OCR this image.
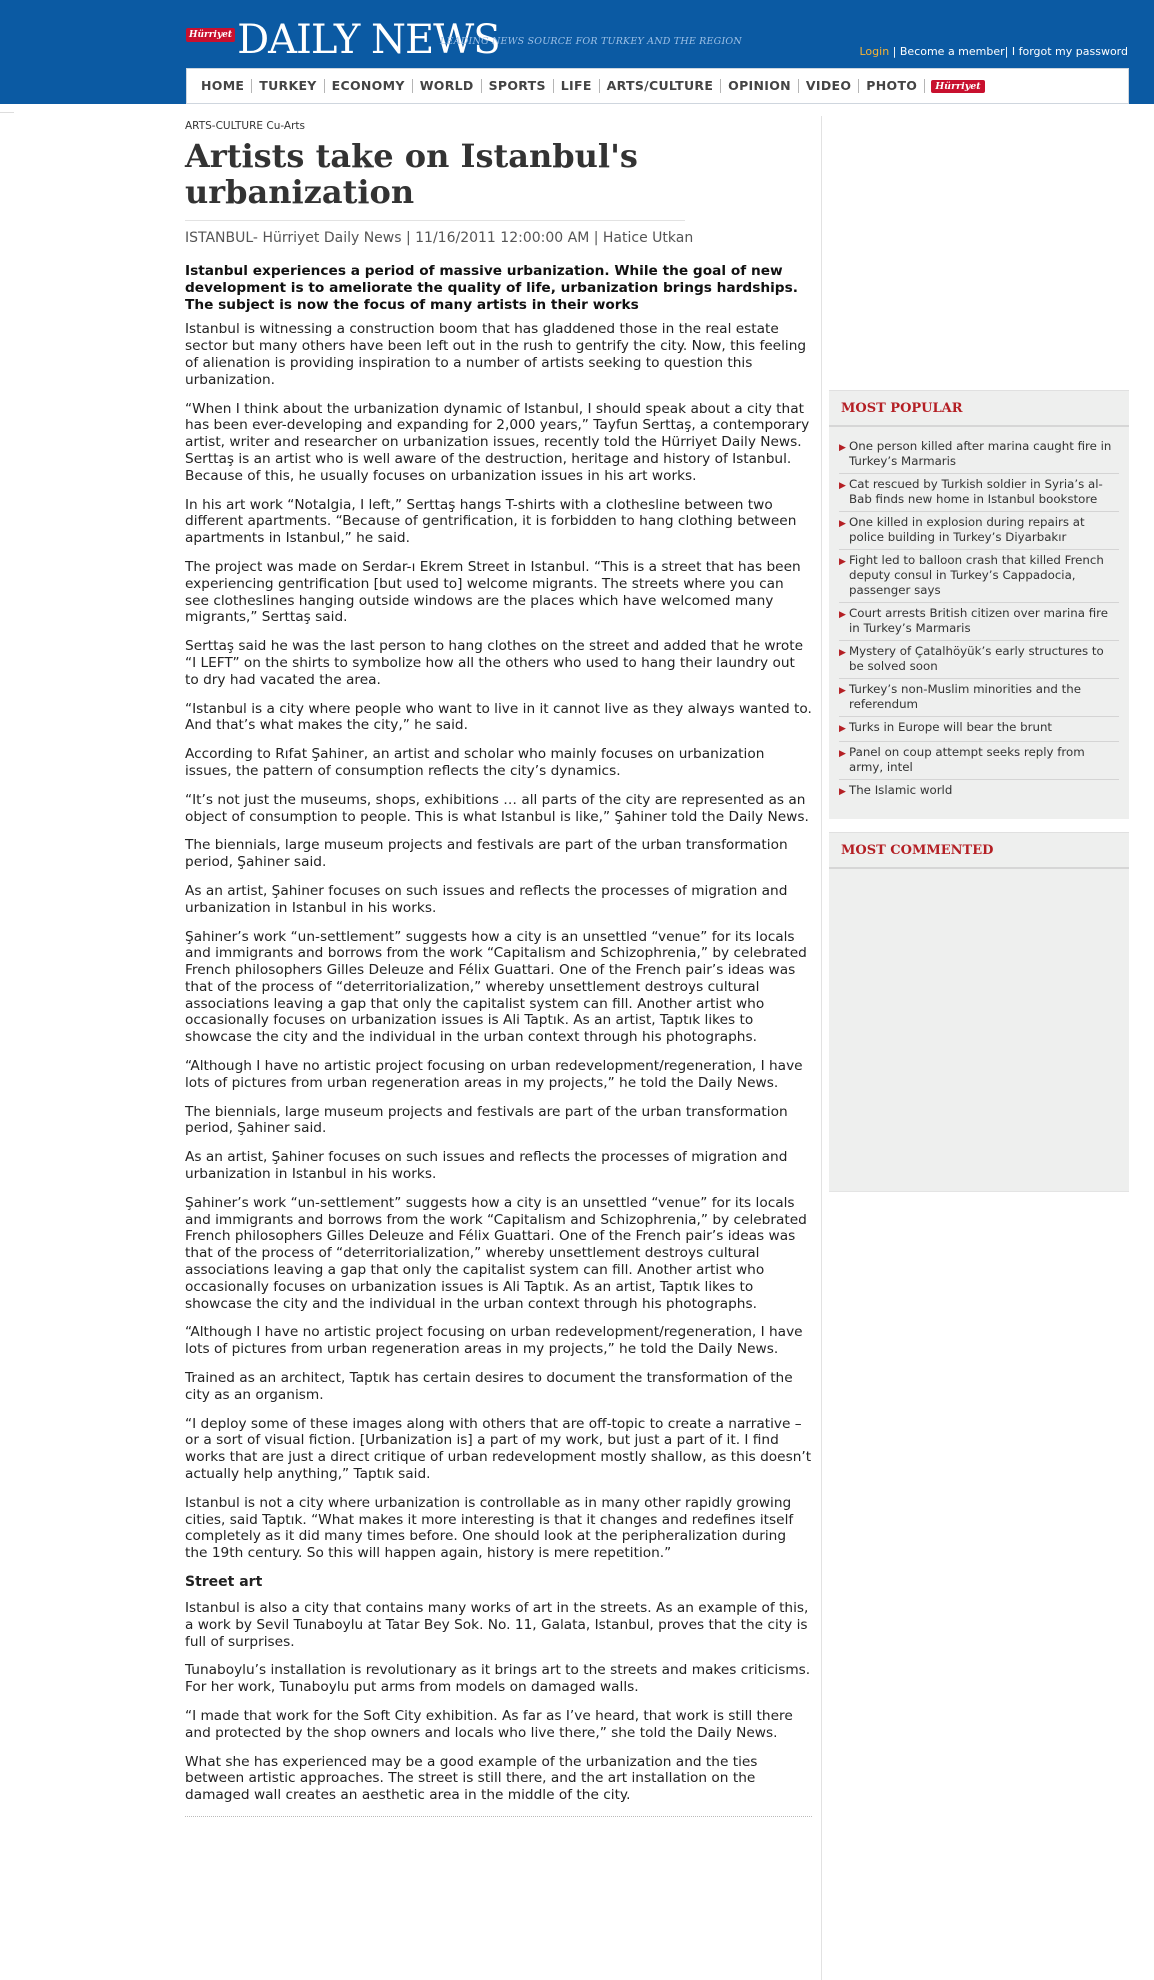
Hürriyet DAILY NEWS
LEADING NEWS SOURCE FOR TURKEY AND THE REGION
Login | Become a member| I forgot my password
HOME	TURKEY	ECONOMY	WORLD	SPORTS	LIFE	ARTS/CULTURE	OPINION	VIDEO	PHOTO	Hürriyet
ARTS-CULTURE Cu-Arts
Artists take on Istanbul's urbanization
ISTANBUL- Hürriyet Daily News | 11/16/2011 12:00:00 AM | Hatice Utkan
Istanbul experiences a period of massive urbanization. While the goal of new development is to ameliorate the quality of life, urbanization brings hardships. The subject is now the focus of many artists in their works

Istanbul is witnessing a construction boom that has gladdened those in the real estate sector but many others have been left out in the rush to gentrify the city. Now, this feeling of alienation is providing inspiration to a number of artists seeking to question this urbanization.

“When I think about the urbanization dynamic of Istanbul, I should speak about a city that has been ever-developing and expanding for 2,000 years,” Tayfun Serttaş, a contemporary artist, writer and researcher on urbanization issues, recently told the Hürriyet Daily News. Serttaş is an artist who is well aware of the destruction, heritage and history of Istanbul. Because of this, he usually focuses on urbanization issues in his art works.

In his art work “Notalgia, I left,” Serttaş hangs T-shirts with a clothesline between two different apartments. “Because of gentrification, it is forbidden to hang clothing between apartments in Istanbul,” he said.

The project was made on Serdar-ı Ekrem Street in Istanbul. “This is a street that has been experiencing gentrification [but used to] welcome migrants. The streets where you can see clotheslines hanging outside windows are the places which have welcomed many migrants,” Serttaş said.

Serttaş said he was the last person to hang clothes on the street and added that he wrote “I LEFT” on the shirts to symbolize how all the others who used to hang their laundry out to dry had vacated the area.

“Istanbul is a city where people who want to live in it cannot live as they always wanted to. And that’s what makes the city,” he said.

According to Rıfat Şahiner, an artist and scholar who mainly focuses on urbanization issues, the pattern of consumption reflects the city’s dynamics.

“It’s not just the museums, shops, exhibitions … all parts of the city are represented as an object of consumption to people. This is what Istanbul is like,” Şahiner told the Daily News.

The biennials, large museum projects and festivals are part of the urban transformation period, Şahiner said.

As an artist, Şahiner focuses on such issues and reflects the processes of migration and urbanization in Istanbul in his works.

Şahiner’s work “un-settlement” suggests how a city is an unsettled “venue” for its locals and immigrants and borrows from the work “Capitalism and Schizophrenia,” by celebrated French philosophers Gilles Deleuze and Félix Guattari. One of the French pair’s ideas was that of the process of “deterritorialization,” whereby unsettlement destroys cultural associations leaving a gap that only the capitalist system can fill. Another artist who occasionally focuses on urbanization issues is Ali Taptık. As an artist, Taptık likes to showcase the city and the individual in the urban context through his photographs.

“Although I have no artistic project focusing on urban redevelopment/regeneration, I have lots of pictures from urban regeneration areas in my projects,” he told the Daily News.

The biennials, large museum projects and festivals are part of the urban transformation period, Şahiner said.

As an artist, Şahiner focuses on such issues and reflects the processes of migration and urbanization in Istanbul in his works.

Şahiner’s work “un-settlement” suggests how a city is an unsettled “venue” for its locals and immigrants and borrows from the work “Capitalism and Schizophrenia,” by celebrated French philosophers Gilles Deleuze and Félix Guattari. One of the French pair’s ideas was that of the process of “deterritorialization,” whereby unsettlement destroys cultural associations leaving a gap that only the capitalist system can fill. Another artist who occasionally focuses on urbanization issues is Ali Taptık. As an artist, Taptık likes to showcase the city and the individual in the urban context through his photographs.

“Although I have no artistic project focusing on urban redevelopment/regeneration, I have lots of pictures from urban regeneration areas in my projects,” he told the Daily News.

Trained as an architect, Taptık has certain desires to document the transformation of the city as an organism.

“I deploy some of these images along with others that are off-topic to create a narrative – or a sort of visual fiction. [Urbanization is] a part of my work, but just a part of it. I find works that are just a direct critique of urban redevelopment mostly shallow, as this doesn’t actually help anything,” Taptık said.

Istanbul is not a city where urbanization is controllable as in many other rapidly growing cities, said Taptık. “What makes it more interesting is that it changes and redefines itself completely as it did many times before. One should look at the peripheralization during the 19th century. So this will happen again, history is mere repetition.”

Street art

Istanbul is also a city that contains many works of art in the streets. As an example of this, a work by Sevil Tunaboylu at Tatar Bey Sok. No. 11, Galata, Istanbul, proves that the city is full of surprises.

Tunaboylu’s installation is revolutionary as it brings art to the streets and makes criticisms. For her work, Tunaboylu put arms from models on damaged walls.

“I made that work for the Soft City exhibition. As far as I’ve heard, that work is still there and protected by the shop owners and locals who live there,” she told the Daily News.

What she has experienced may be a good example of the urbanization and the ties between artistic approaches. The street is still there, and the art installation on the damaged wall creates an aesthetic area in the middle of the city.

MOST POPULAR
▶ One person killed after marina caught fire in Turkey’s Marmaris
▶ Cat rescued by Turkish soldier in Syria’s al-Bab finds new home in Istanbul bookstore
▶ One killed in explosion during repairs at police building in Turkey’s Diyarbakır
▶ Fight led to balloon crash that killed French deputy consul in Turkey’s Cappadocia, passenger says
▶ Court arrests British citizen over marina fire in Turkey’s Marmaris
▶ Mystery of Çatalhöyük’s early structures to be solved soon
▶ Turkey’s non-Muslim minorities and the referendum
▶ Turks in Europe will bear the brunt
▶ Panel on coup attempt seeks reply from army, intel
▶ The Islamic world
MOST COMMENTED
